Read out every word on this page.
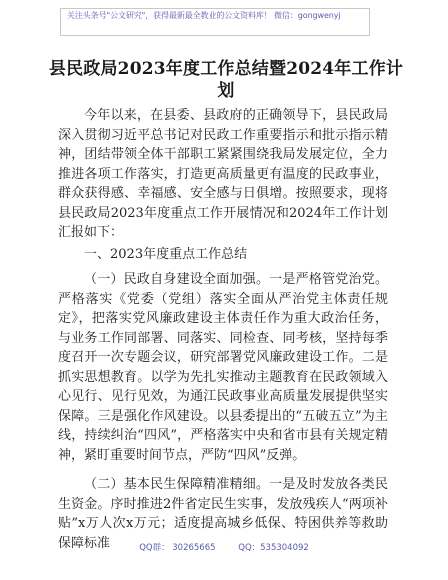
关注头条号"公文研究"，获得最新最全教业的公文资料库！ 微信：gongwenyj
县民政局2023年度工作总结暨2024年工作计划

今年以来，在县委、县政府的正确领导下，县民政局深入贯彻习近平总书记对民政工作重要指示和批示指示精神，团结带领全体干部职工紧紧围绕我局发展定位，全力推进各项工作落实，打造更高质量更有温度的民政事业，群众获得感、幸福感、安全感与日俱增。按照要求，现将县民政局2023年度重点工作开展情况和2024年工作计划汇报如下：

一、2023年度重点工作总结

（一）民政自身建设全面加强。一是严格管党治党。严格落实《党委（党组）落实全面从严治党主体责任规定》，把落实党风廉政建设主体责任作为重大政治任务，与业务工作同部署、同落实、同检查、同考核，坚持每季度召开一次专题会议，研究部署党风廉政建设工作。二是抓实思想教育。以学为先扎实推动主题教育在民政领域入心见行、见行见效，为通江民政事业高质量发展提供坚实保障。三是强化作风建设。以县委提出的“五破五立”为主线，持续纠治“四风”，严格落实中央和省市县有关规定精神，紧盯重要时间节点，严防“四风”反弹。

（二）基本民生保障精准精细。一是及时发放各类民生资金。序时推进2件省定民生实事，发放残疾人“两项补贴”x万人次x万元；适度提高城乡低保、特困供养等救助保障标准	QQ群： 30265665	QQ：535304092
